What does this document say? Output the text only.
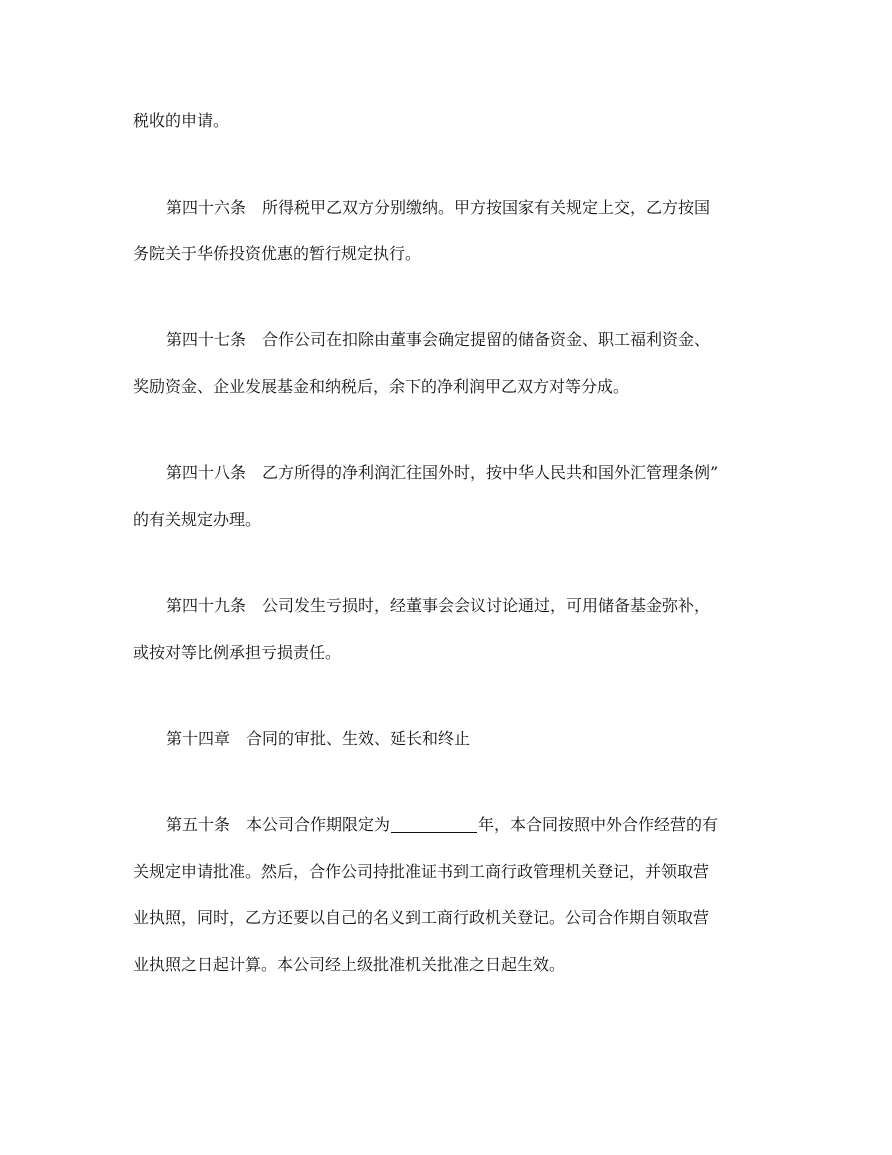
税收的申请。
第四十六条　所得税甲乙双方分别缴纳。甲方按国家有关规定上交，乙方按国
务院关于华侨投资优惠的暂行规定执行。
第四十七条　合作公司在扣除由董事会确定提留的储备资金、职工福利资金、
奖励资金、企业发展基金和纳税后，余下的净利润甲乙双方对等分成。
第四十八条　乙方所得的净利润汇往国外时，按中华人民共和国外汇管理条例”
的有关规定办理。
第四十九条　公司发生亏损时，经董事会会议讨论通过，可用储备基金弥补，
或按对等比例承担亏损责任。
第十四章　合同的审批、生效、延长和终止
第五十条　本公司合作期限定为	年，本合同按照中外合作经营的有
关规定申请批准。然后，合作公司持批准证书到工商行政管理机关登记，并领取营
业执照，同时，乙方还要以自己的名义到工商行政机关登记。公司合作期自领取营
业执照之日起计算。本公司经上级批准机关批准之日起生效。
